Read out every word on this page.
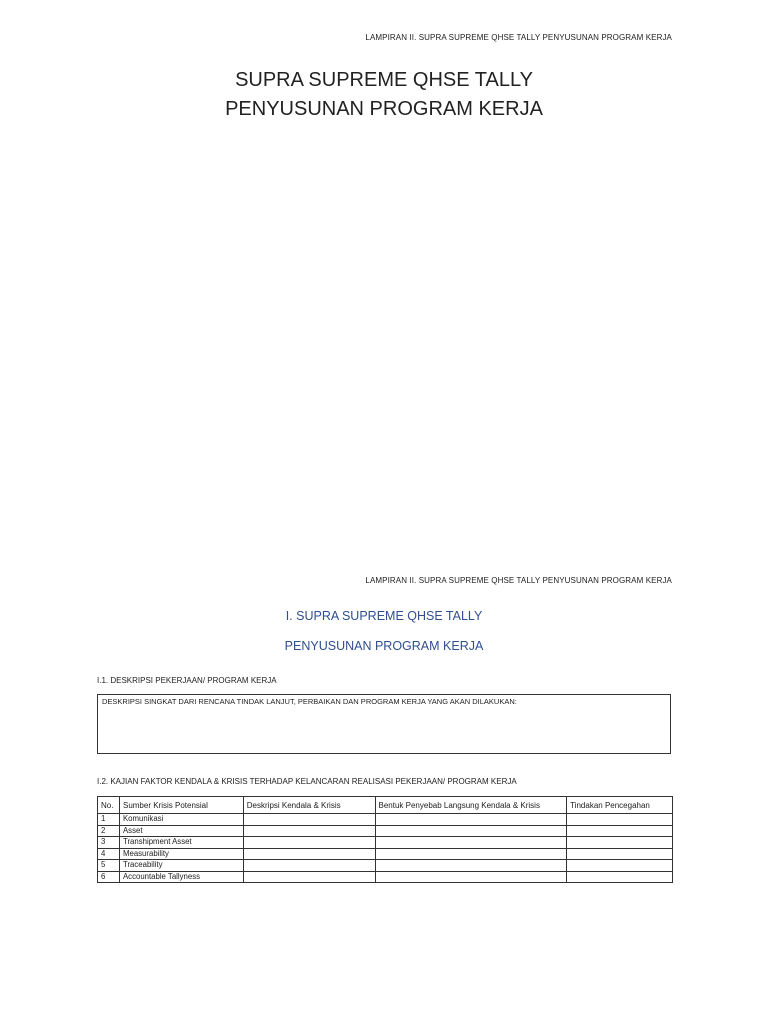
LAMPIRAN II. SUPRA SUPREME QHSE TALLY PENYUSUNAN PROGRAM KERJA
SUPRA SUPREME QHSE TALLY
PENYUSUNAN PROGRAM KERJA
LAMPIRAN II. SUPRA SUPREME QHSE TALLY PENYUSUNAN PROGRAM KERJA
I. SUPRA SUPREME QHSE TALLY
PENYUSUNAN PROGRAM KERJA
I.1. DESKRIPSI PEKERJAAN/ PROGRAM KERJA
DESKRIPSI SINGKAT DARI RENCANA TINDAK LANJUT, PERBAIKAN DAN PROGRAM KERJA YANG AKAN DILAKUKAN:
I.2. KAJIAN FAKTOR KENDALA & KRISIS TERHADAP KELANCARAN REALISASI PEKERJAAN/ PROGRAM KERJA
No.	Sumber Krisis Potensial	Deskripsi Kendala & Krisis	Bentuk Penyebab Langsung Kendala & Krisis	Tindakan Pencegahan
1	Komunikasi			
2	Asset			
3	Transhipment Asset			
4	Measurability			
5	Traceability			
6	Accountable Tallyness			
